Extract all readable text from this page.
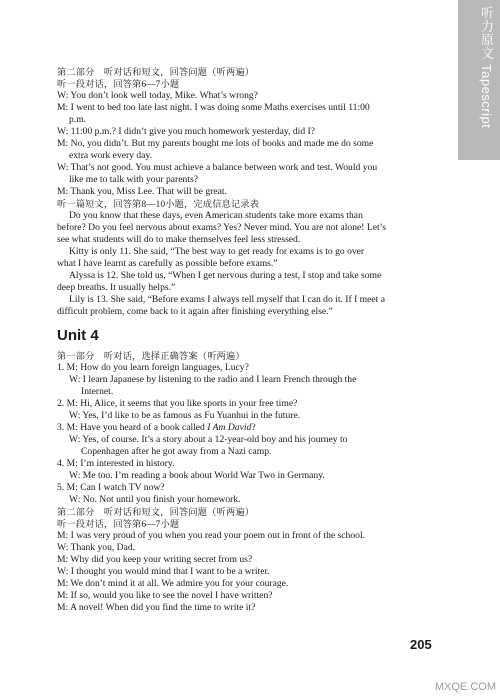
听力原文 Tapescript
第二部分　听对话和短文，回答问题（听两遍）
听一段对话，回答第6—7小题
W: You don’t look well today, Mike. What’s wrong?
M: I went to bed too late last night. I was doing some Maths exercises until 11:00
p.m.
W: 11:00 p.m.? I didn’t give you much homework yesterday, did I?
M: No, you didn’t. But my parents bought me lots of books and made me do some
extra work every day.
W: That’s not good. You must achieve a balance between work and test. Would you
like me to talk with your parents?
M: Thank you, Miss Lee. That will be great.
听一篇短文，回答第8—10小题，完成信息记录表
Do you know that these days, even American students take more exams than
before? Do you feel nervous about exams? Yes? Never mind. You are not alone! Let’s
see what students will do to make themselves feel less stressed.
Kitty is only 11. She said, “The best way to get ready for exams is to go over
what I have learnt as carefully as possible before exams.”
Alyssa is 12. She told us, “When I get nervous during a test, I stop and take some
deep breaths. It usually helps.”
Lily is 13. She said, “Before exams I always tell myself that I can do it. If I meet a
difficult problem, come back to it again after finishing everything else.”
Unit 4
第一部分　听对话，选择正确答案（听两遍）
1. M: How do you learn foreign languages, Lucy?
W: I learn Japanese by listening to the radio and I learn French through the
Internet.
2. M: Hi, Alice, it seems that you like sports in your free time?
W: Yes, I’d like to be as famous as Fu Yuanhui in the future.
3. M: Have you heard of a book called I Am David?
W: Yes, of course. It’s a story about a 12-year-old boy and his journey to
Copenhagen after he got away from a Nazi camp.
4. M: I’m interested in history.
W: Me too. I’m reading a book about World War Two in Germany.
5. M: Can I watch TV now?
W: No. Not until you finish your homework.
第二部分　听对话和短文，回答问题（听两遍）
听一段对话，回答第6—7小题
M: I was very proud of you when you read your poem out in front of the school.
W: Thank you, Dad.
M: Why did you keep your writing secret from us?
W: I thought you would mind that I want to be a writer.
M: We don’t mind it at all. We admire you for your courage.
M: If so, would you like to see the novel I have written?
M: A novel! When did you find the time to write it?
205
MXQE.COM
